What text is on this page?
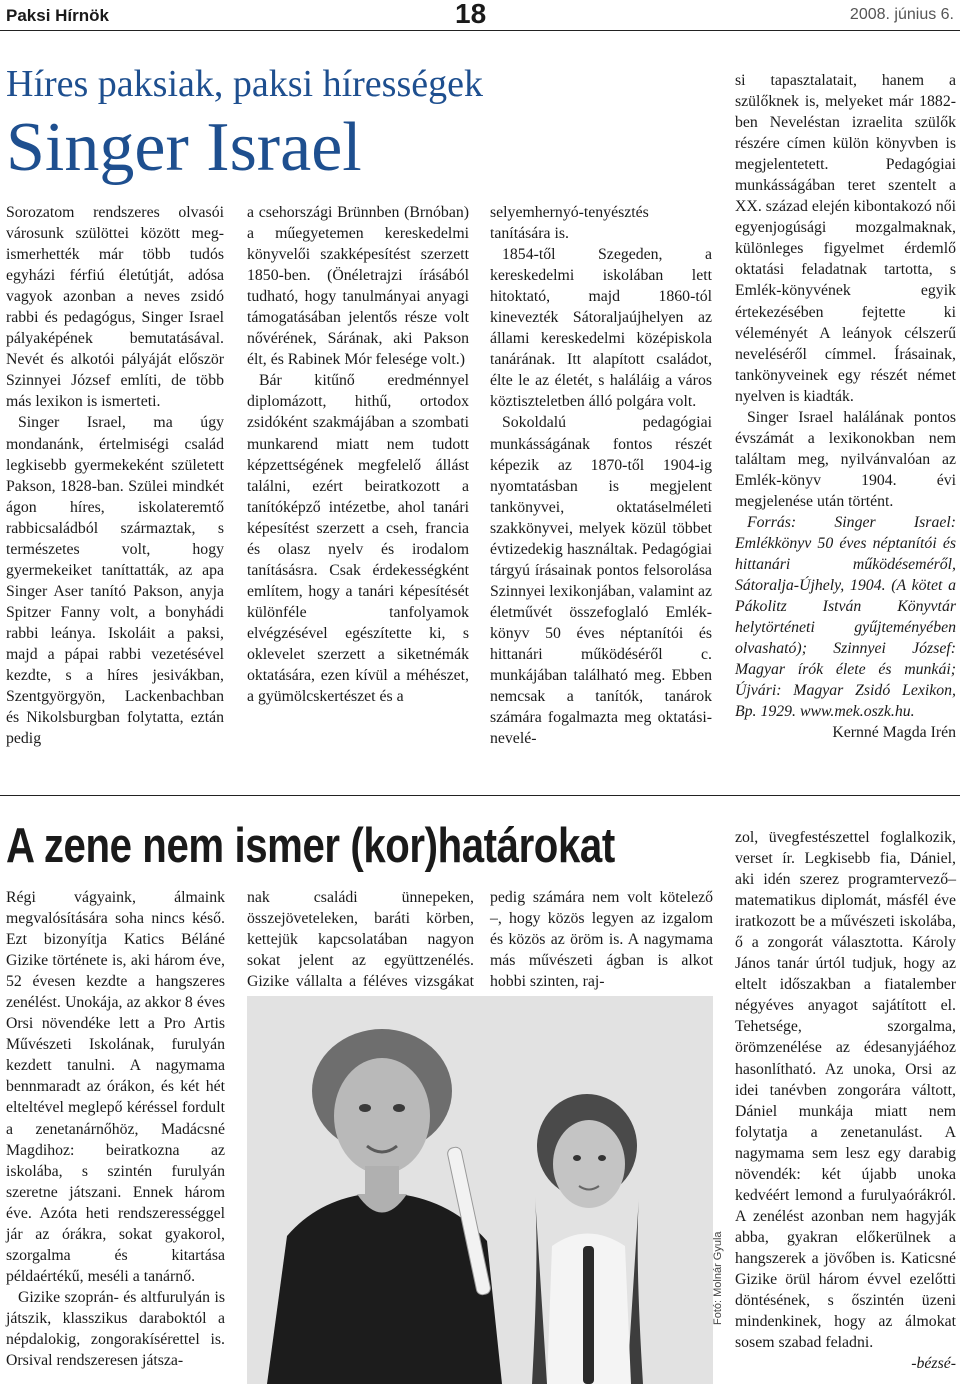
Paksi Hírnök	18	2008. június 6.
Híres paksiak, paksi hírességek
Singer Israel

Sorozatom rendszeres olvasói városunk szülöttei között meg-ismerhették már több tudós egyházi férfiú életútját, adósa vagyok azonban a neves zsidó rabbi és pedagógus, Singer Israel pályaképének bemutatásával. Nevét és alkotói pályáját először Szinnyei József említi, de több más lexikon is ismerteti.

Singer Israel, ma úgy mondanánk, értelmiségi család legkisebb gyermekeként született Pakson, 1828-ban. Szülei mindkét ágon híres, iskolateremtő rabbicsaládból származtak, s természetes volt, hogy gyermekeiket taníttatták, az apa Singer Aser tanító Pakson, anyja Spitzer Fanny volt, a bonyhádi rabbi leánya. Iskoláit a paksi, majd a pápai rabbi vezetésével kezdte, s a híres jesivákban, Szentgyörgyön, Lackenbachban és Nikolsburgban folytatta, eztán pedig

a csehországi Brünnben (Brnóban) a műegyetemen kereskedelmi könyvelői szakképesítést szerzett 1850-ben. (Önéletrajzi írásából tudható, hogy tanulmányai anyagi támogatásában jelentős része volt nővérének, Sárának, aki Pakson élt, és Rabinek Mór felesége volt.)

Bár kitűnő eredménnyel diplomázott, hithű, ortodox zsidóként szakmájában a szombati munkarend miatt nem tudott képzettségének megfelelő állást találni, ezért beiratkozott a tanítóképző intézetbe, ahol tanári képesítést szerzett a cseh, francia és olasz nyelv és irodalom tanításásra. Csak érdekességként említem, hogy a tanári képesítését különféle tanfolyamok elvégzésével egészítette ki, s oklevelet szerzett a siketnémák oktatására, ezen kívül a méhészet, a gyümölcskertészet és a

selyemhernyó-tenyésztés tanítására is.

1854-től Szegeden, a kereskedelmi iskolában lett hitoktató, majd 1860-tól kinevezték Sátoraljaújhelyen az állami kereskedelmi középiskola tanárának. Itt alapított családot, élte le az életét, s haláláig a város köztiszteletben álló polgára volt.

Sokoldalú pedagógiai munkásságának fontos részét képezik az 1870-től 1904-ig nyomtatásban is megjelent tankönyvei, oktatáselméleti szakkönyvei, melyek közül többet évtizedekig használtak. Pedagógiai tárgyú írásainak pontos felsorolása Szinnyei lexikonjában, valamint az életművét összefoglaló Emlék-könyv 50 éves néptanítói és hittanári működéséről c. munkájában található meg. Ebben nemcsak a tanítók, tanárok számára fogalmazta meg oktatási-nevelé-

si tapasztalatait, hanem a szülőknek is, melyeket már 1882-ben Neveléstan izraelita szülők részére címen külön könyvben is megjelentetett. Pedagógiai munkásságában teret szentelt a XX. század elején kibontakozó női egyenjogúsági mozgalmaknak, különleges figyelmet érdemlő oktatási feladatnak tartotta, s Emlék-könyvének egyik értekezésében fejtette ki véleményét A leányok célszerű neveléséről címmel. Írásainak, tankönyveinek egy részét német nyelven is kiadták.

Singer Israel halálának pontos évszámát a lexikonokban nem találtam meg, nyilvánvalóan az Emlék-könyv 1904. évi megjelenése után történt.

Forrás: Singer Israel: Emlékkönyv 50 éves néptanítói és hittanári működéseméről, Sátoralja-Újhely, 1904. (A kötet a Pákolitz István Könyvtár helytörténeti gyűjteményében olvasható); Szinnyei József: Magyar írók élete és munkái; Újvári: Magyar Zsidó Lexikon, Bp. 1929. www.mek.oszk.hu.

Kernné Magda Irén

A zene nem ismer (kor)határokat

Régi vágyaink, álmaink megvalósítására soha nincs késő. Ezt bizonyítja Katics Béláné Gizike története is, aki három éve, 52 évesen kezdte a hangszeres zenélést. Unokája, az akkor 8 éves Orsi növendéke lett a Pro Artis Művészeti Iskolának, furulyán kezdett tanulni. A nagymama bennmaradt az órákon, és két hét elteltével meglepő kéréssel fordult a zenetanárnőhöz, Madácsné Magdihoz: beiratkozna az iskolába, s szintén furulyán szeretne játszani. Ennek három éve. Azóta heti rendszerességgel jár az órákra, sokat gyakorol, szorgalma és kitartása példaértékű, meséli a tanárnő.

Gizike szoprán- és altfurulyán is játszik, klasszikus daraboktól a népdalokig, zongorakísérettel is. Orsival rendszeresen játsza-

nak családi ünnepeken, összejöveteleken, baráti körben, kettejük kapcsolatában nagyon sokat jelent az együttzenélés. Gizike vállalta a féléves vizsgákat

pedig számára nem volt kötelező –, hogy közös legyen az izgalom és közös az öröm is. A nagymama más művészeti ágban is alkot hobbi szinten, raj-

zol, üvegfestészettel foglalkozik, verset ír. Legkisebb fia, Dániel, aki idén szerez programtervező–matematikus diplomát, másfél éve iratkozott be a művészeti iskolába, ő a zongorát választotta. Károly János tanár úrtól tudjuk, hogy az eltelt időszakban a fiatalember négyéves anyagot sajátított el. Tehetsége, szorgalma, örömzenélése az édesanyjáéhoz hasonlítható. Az unoka, Orsi az idei tanévben zongorára váltott, Dániel munkája miatt nem folytatja a zenetanulást. A nagymama sem lesz egy darabig növendék: két újabb unoka kedvéért lemond a furulyaórákról. A zenélést azonban nem hagyják abba, gyakran előkerülnek a hangszerek a jövőben is. Katicsné Gizike örül három évvel ezelőtti döntésének, s őszintén üzeni mindenkinek, hogy az álmokat sosem szabad feladni.

-bézsé-

Fotó: Molnár Gyula
